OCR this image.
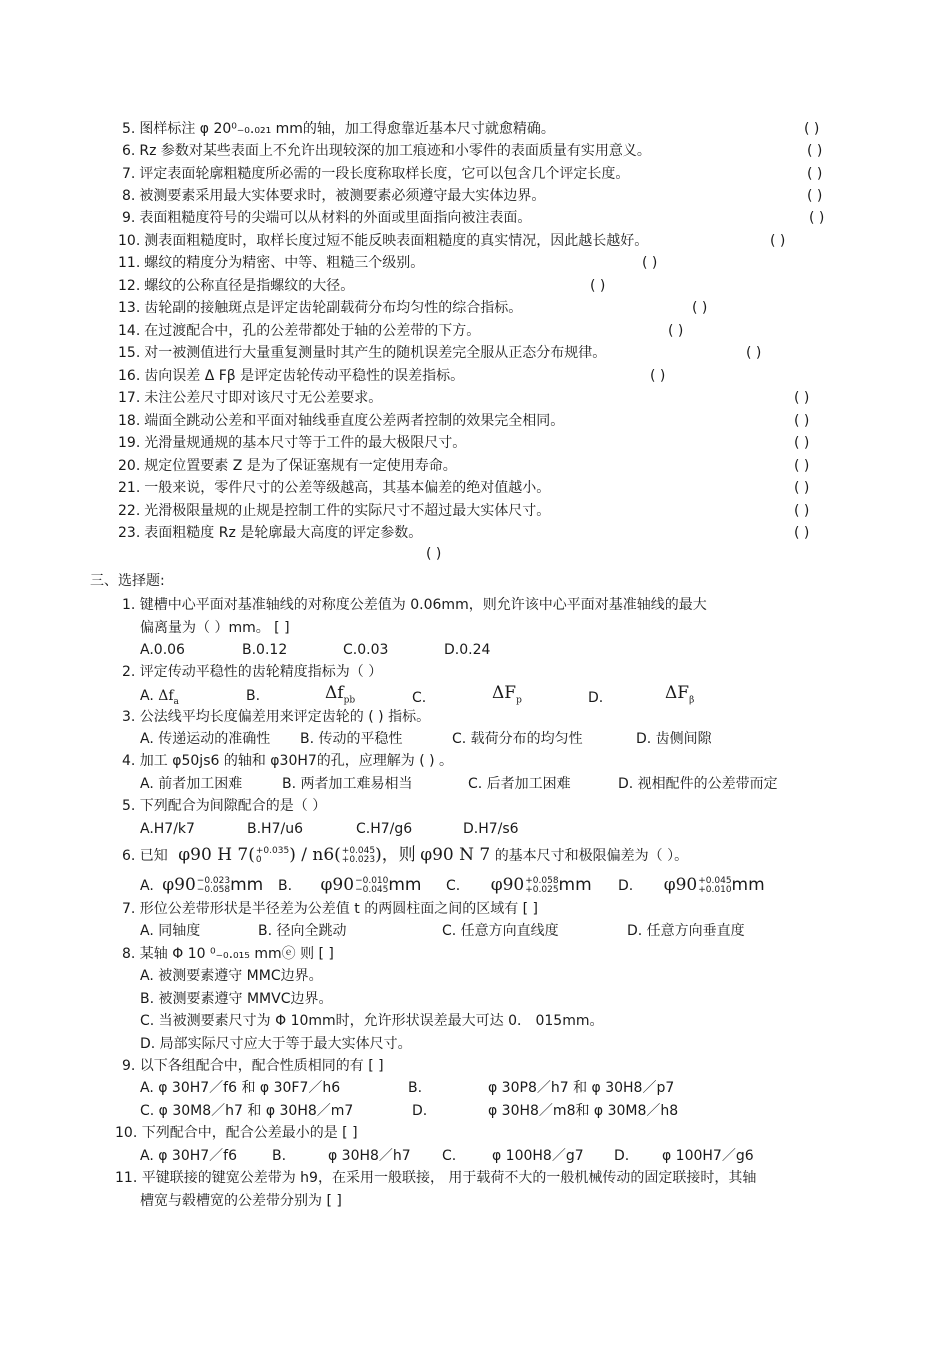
5. 图样标注 φ 20⁰₋₀.₀₂₁ mm的轴，加工得愈靠近基本尺寸就愈精确。	( )
6. Rz 参数对某些表面上不允许出现较深的加工痕迹和小零件的表面质量有实用意义。	( )
7. 评定表面轮廓粗糙度所必需的一段长度称取样长度，它可以包含几个评定长度。	( )
8. 被测要素采用最大实体要求时，被测要素必须遵守最大实体边界。	( )
9. 表面粗糙度符号的尖端可以从材料的外面或里面指向被注表面。	( )
10. 测表面粗糙度时，取样长度过短不能反映表面粗糙度的真实情况，因此越长越好。	( )
11. 螺纹的精度分为精密、中等、粗糙三个级别。	( )
12. 螺纹的公称直径是指螺纹的大径。	( )
13. 齿轮副的接触斑点是评定齿轮副载荷分布均匀性的综合指标。	( )
14. 在过渡配合中，孔的公差带都处于轴的公差带的下方。	( )
15. 对一被测值进行大量重复测量时其产生的随机误差完全服从正态分布规律。	( )
16. 齿向误差 Δ Fβ 是评定齿轮传动平稳性的误差指标。	( )
17. 未注公差尺寸即对该尺寸无公差要求。	( )
18. 端面全跳动公差和平面对轴线垂直度公差两者控制的效果完全相同。	( )
19. 光滑量规通规的基本尺寸等于工件的最大极限尺寸。	( )
20. 规定位置要素 Z 是为了保证塞规有一定使用寿命。	( )
21. 一般来说，零件尺寸的公差等级越高，其基本偏差的绝对值越小。	( )
22. 光滑极限量规的止规是控制工件的实际尺寸不超过最大实体尺寸。	( )
23. 表面粗糙度 Rz 是轮廓最大高度的评定参数。	( )
( )
三、选择题:
1. 键槽中心平面对基准轴线的对称度公差值为 0.06mm，则允许该中心平面对基准轴线的最大
偏离量为（ ）mm。 [ ]
A.0.06	B.0.12	C.0.03	D.0.24
2. 评定传动平稳性的齿轮精度指标为（ ）
A. $\Delta f_a$	B.	$\Delta f_{pb}$	C.	$\Delta F_p$	D.	$\Delta F_\beta$
3. 公法线平均长度偏差用来评定齿轮的 ( ) 指标。
A. 传递运动的准确性 B. 传动的平稳性	C. 载荷分布的均匀性	D. 齿侧间隙
4. 加工 φ50js6 的轴和 φ30H7的孔，应理解为 ( ) 。
A. 前者加工困难	B. 两者加工难易相当	C. 后者加工困难	D. 视相配件的公差带而定
5. 下列配合为间隙配合的是（ ）
A.H7/k7	B.H7/u6	C.H7/g6	D.H7/s6
6. 已知 φ90 H 7( +0.035
0	) / n6( +0.045
+0.023 )，则 φ90 N 7 的基本尺寸和极限偏差为（ ）。
A. φ90 −0.023
−0.058 mm B. φ90 −0.010
−0.045 mm C. φ90 +0.058
+0.025 mm D. φ90 +0.045
+0.010 mm
7. 形位公差带形状是半径差为公差值 t 的两圆柱面之间的区域有 [ ]
A. 同轴度	B. 径向全跳动	C. 任意方向直线度	D. 任意方向垂直度
8. 某轴 Φ 10 ⁰₋₀.₀₁₅ mmⓔ 则 [ ]
A. 被测要素遵守 MMC边界。
B. 被测要素遵守 MMVC边界。
C. 当被测要素尺寸为 Φ 10mm时，允许形状误差最大可达 0． 015mm。
D. 局部实际尺寸应大于等于最大实体尺寸。
9. 以下各组配合中，配合性质相同的有 [ ]
A. φ 30H7／f6 和 φ 30F7／h6	B.	φ 30P8／h7 和 φ 30H8／p7
C. φ 30M8／h7 和 φ 30H8／m7	D.	φ 30H8／m8和 φ 30M8／h8
10. 下列配合中，配合公差最小的是 [ ]
A. φ 30H7／f6 B.	φ 30H8／h7 C.	φ 100H8／g7 D. φ 100H7／g6
11. 平键联接的键宽公差带为 h9，在采用一般联接， 用于载荷不大的一般机械传动的固定联接时，其轴
槽宽与毂槽宽的公差带分别为 [ ]
